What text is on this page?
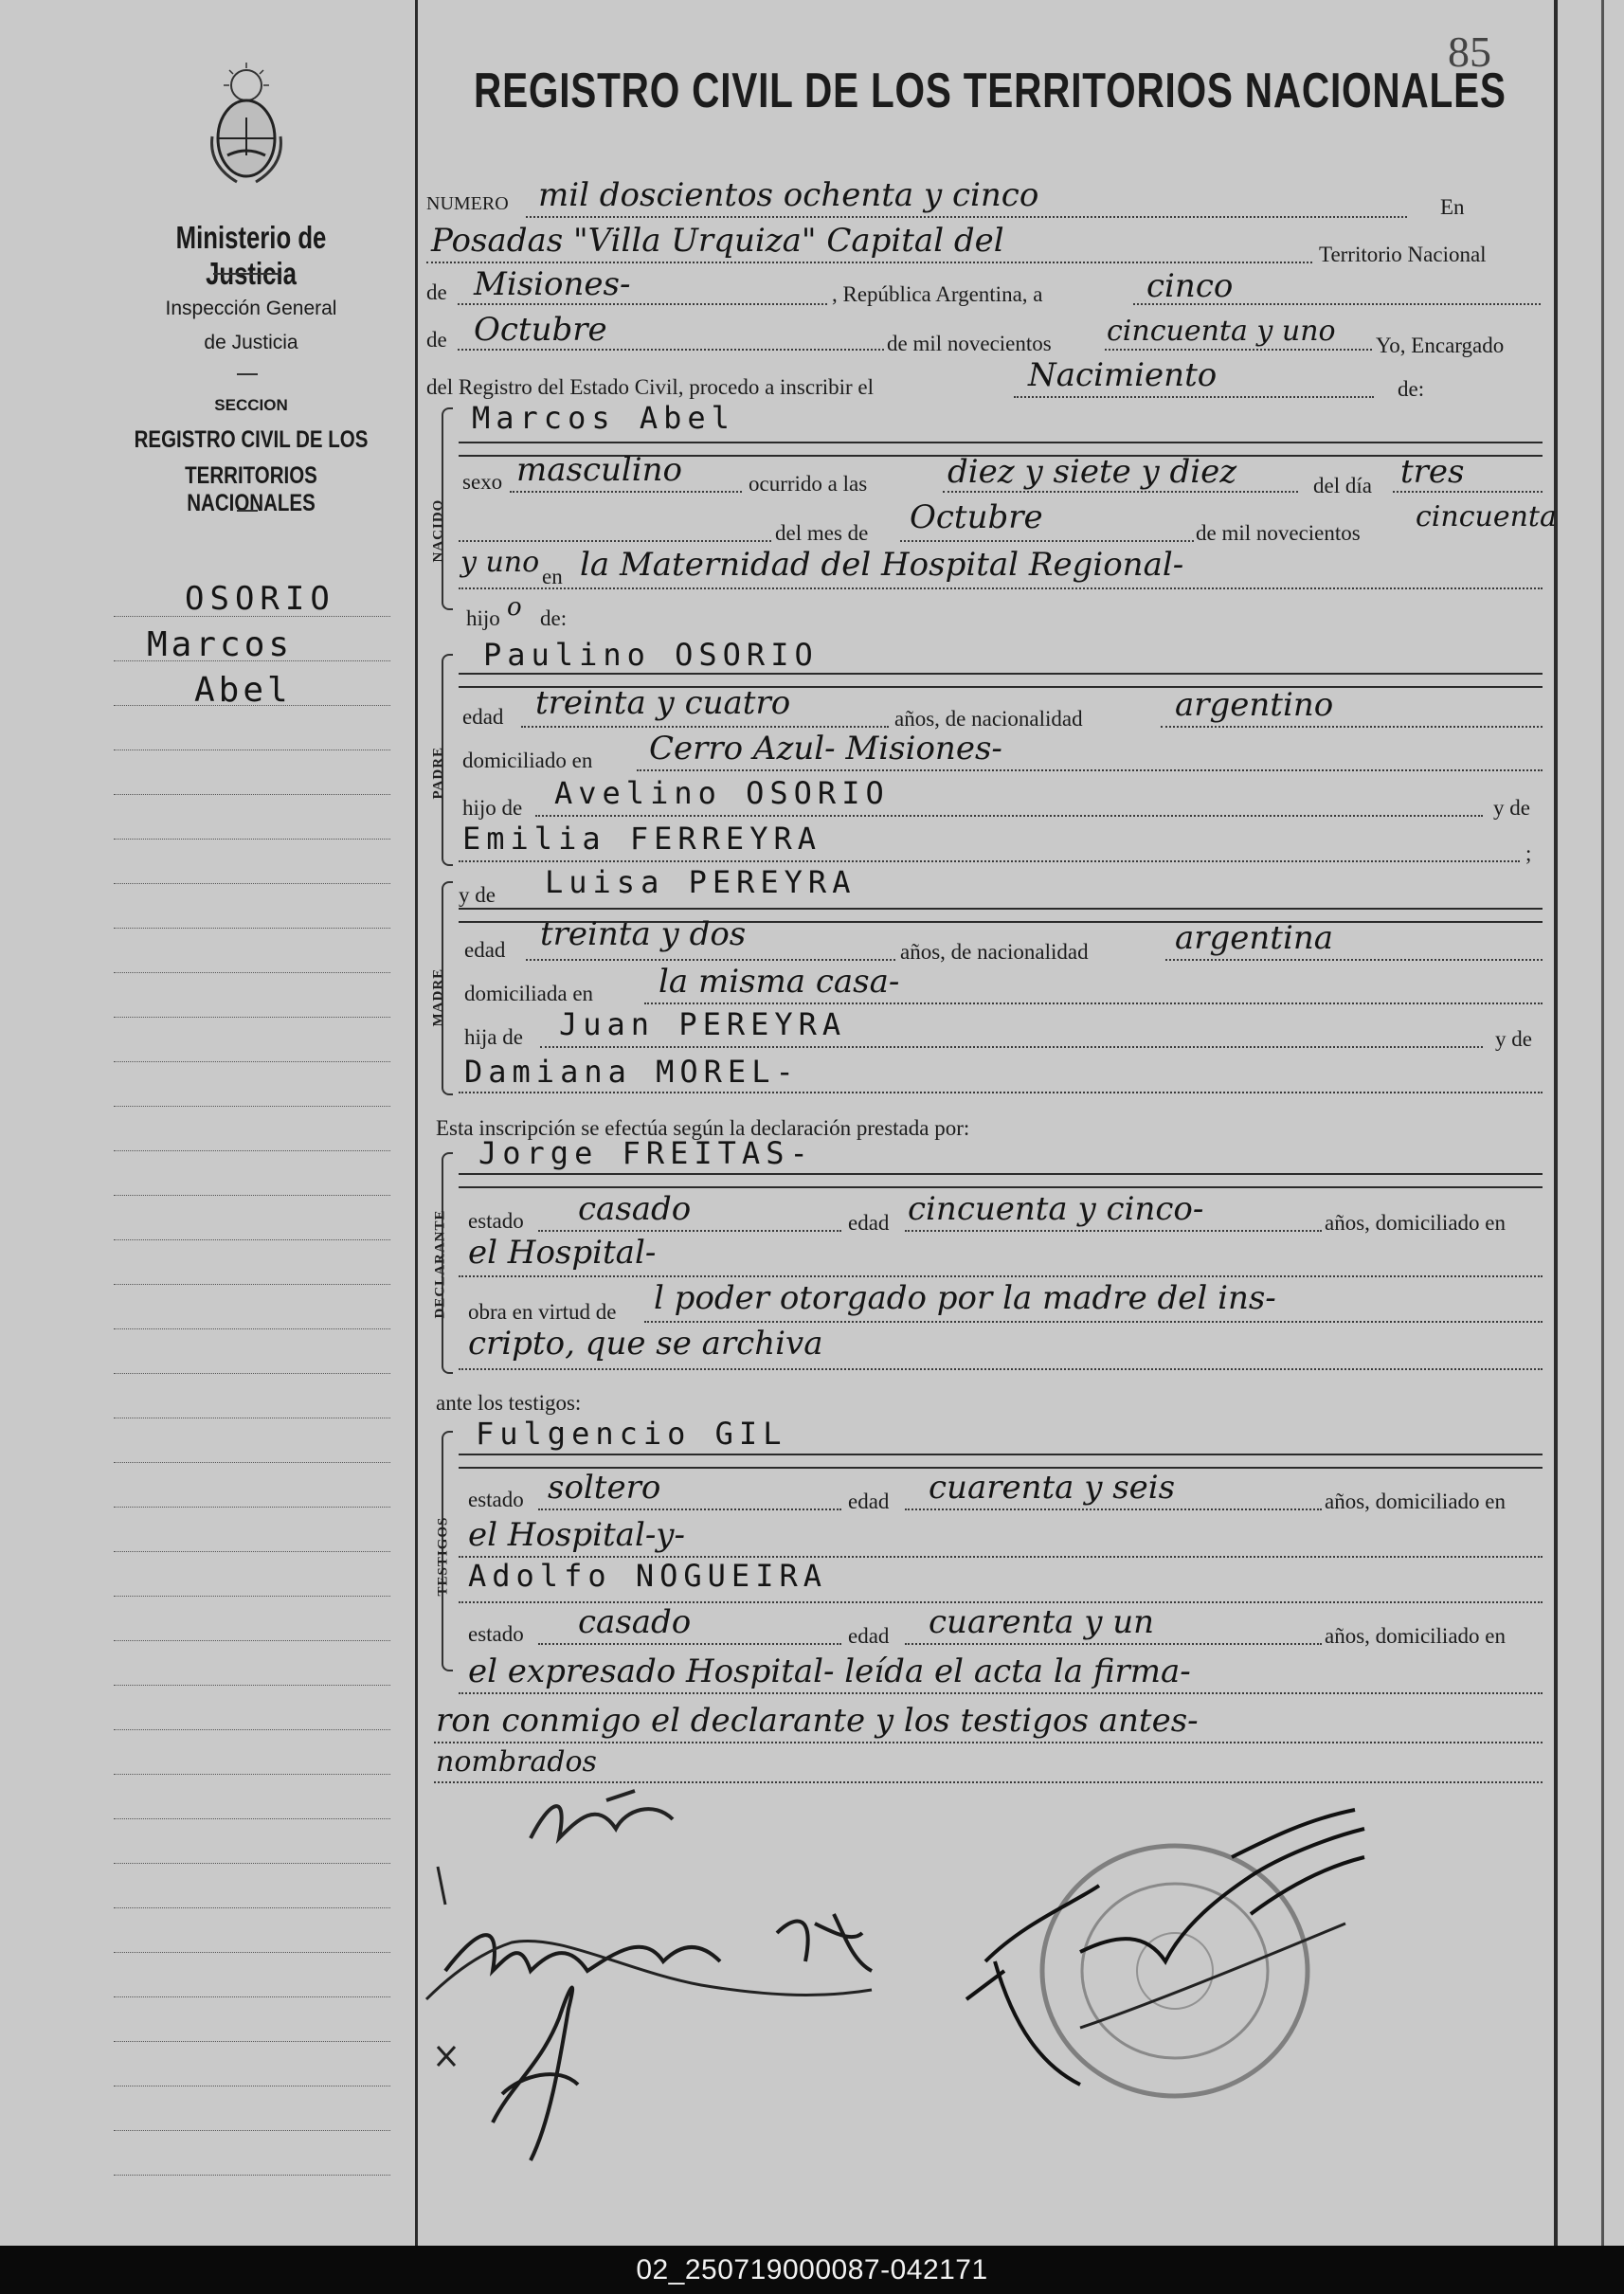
85
REGISTRO CIVIL DE LOS TERRITORIOS NACIONALES
Ministerio de Justicia
Inspección General
de Justicia
SECCION
REGISTRO CIVIL DE LOS
TERRITORIOS NACIONALES
OSORIO
Marcos
Abel
NUMERO mil doscientos ochenta y cinco	En
Posadas "Villa Urquiza" Capital del	Territorio Nacional
de Misiones-	, República Argentina, a	cinco
de Octubre	de mil novecientos cincuenta y uno Yo, Encargado
del Registro del Estado Civil, procedo a inscribir el	Nacimiento	de:
NACIDO
Marcos Abel
sexo masculino	ocurrido a las diez y siete y diez	del día tres
del mes de Octubre	de mil novecientos cincuenta
y uno en la Maternidad del Hospital Regional-
hijo o de:
PADRE
Paulino OSORIO
edad treinta y cuatro	años, de nacionalidad	argentino
domiciliado en Cerro Azul- Misiones-
hijo de Avelino OSORIO	y de
Emilia FERREYRA	;
MADRE
y de Luisa PEREYRA
edad treinta y dos	años, de nacionalidad	argentina
domiciliada en la misma casa-
hija de Juan PEREYRA	y de
Damiana MOREL-
Esta inscripción se efectúa según la declaración prestada por:
DECLARANTE
Jorge FREITAS-
estado casado	edad cincuenta y cinco-	años, domiciliado en
el Hospital-
obra en virtud de l poder otorgado por la madre del ins-
cripto, que se archiva
ante los testigos:
TESTIGOS
Fulgencio GIL
estado soltero	edad cuarenta y seis	años, domiciliado en
el Hospital-y-
Adolfo NOGUEIRA
estado casado	edad cuarenta y un	años, domiciliado en
el expresado Hospital- leída el acta la firma-
ron conmigo el declarante y los testigos antes-
nombrados
02_250719000087-042171
